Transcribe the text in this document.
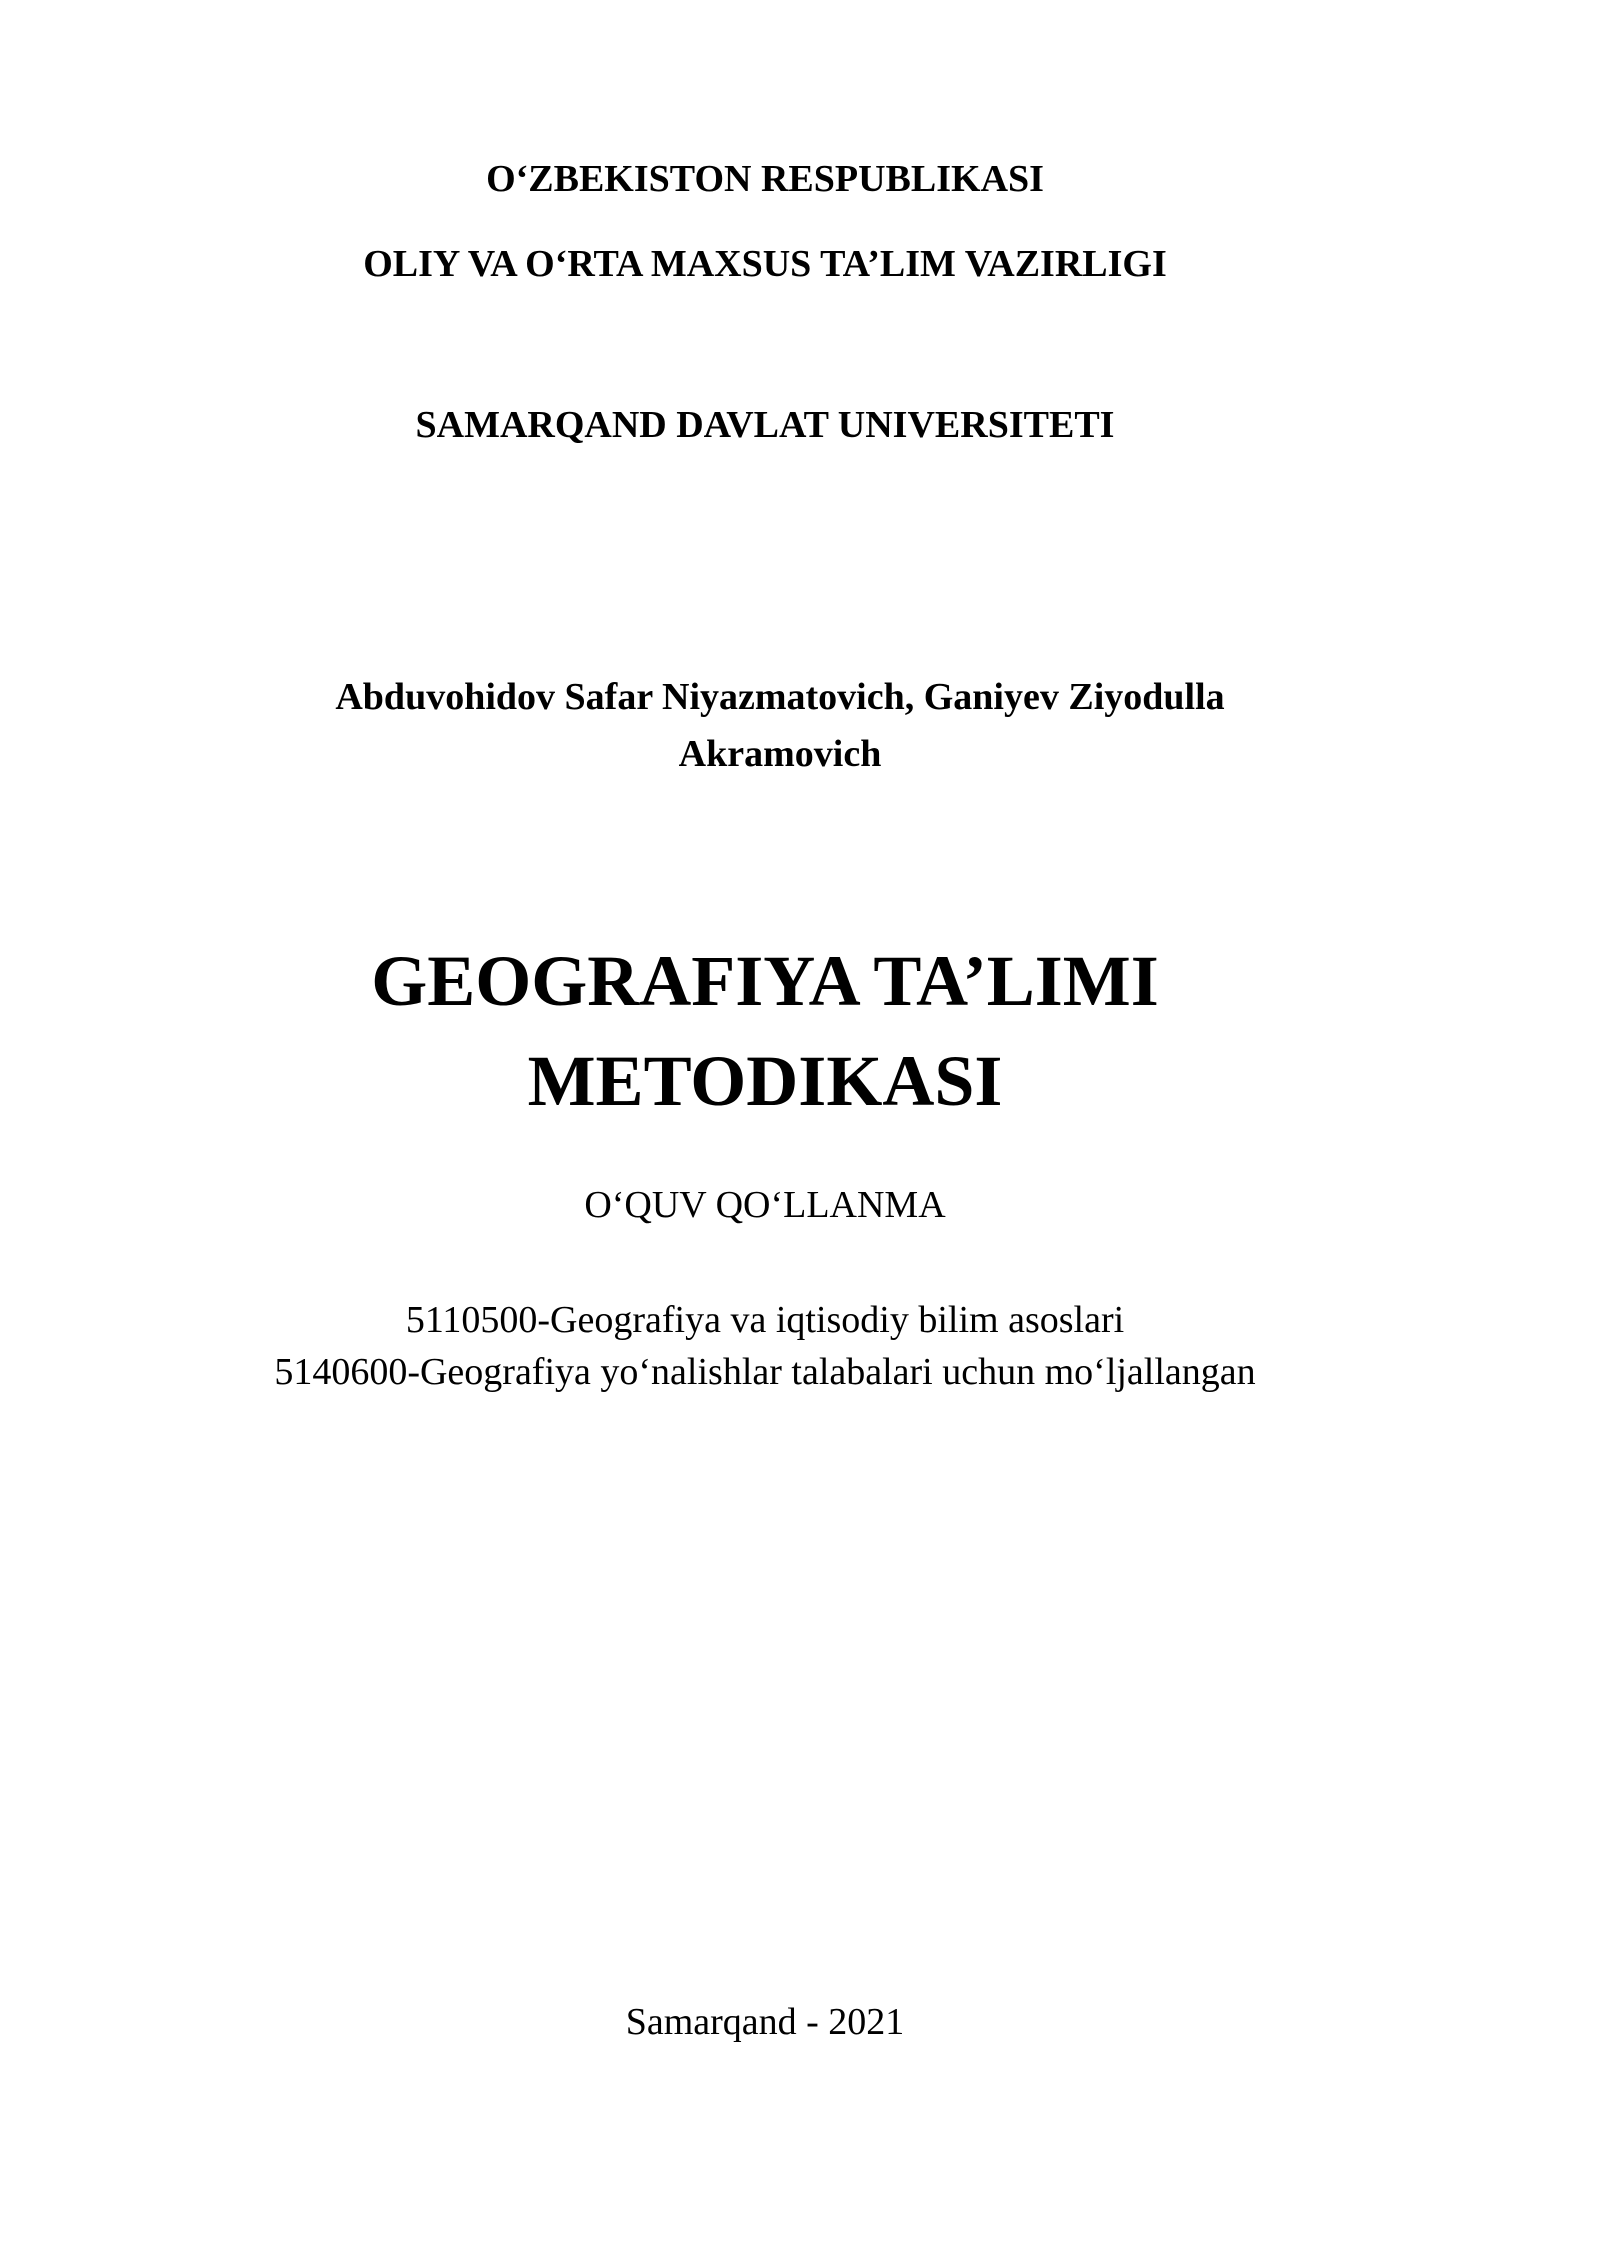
O‘ZBEKISTON RESPUBLIKASI
OLIY VA O‘RTA MAXSUS TA’LIM VAZIRLIGI
SAMARQAND DAVLAT UNIVERSITETI
Abduvohidov Safar Niyazmatovich, Ganiyev Ziyodulla
Akramovich
GEOGRAFIYA TA’LIMI
METODIKASI
O‘QUV QO‘LLANMA
5110500-Geografiya va iqtisodiy bilim asoslari
5140600-Geografiya yo‘nalishlar talabalari uchun mo‘ljallangan
Samarqand - 2021
